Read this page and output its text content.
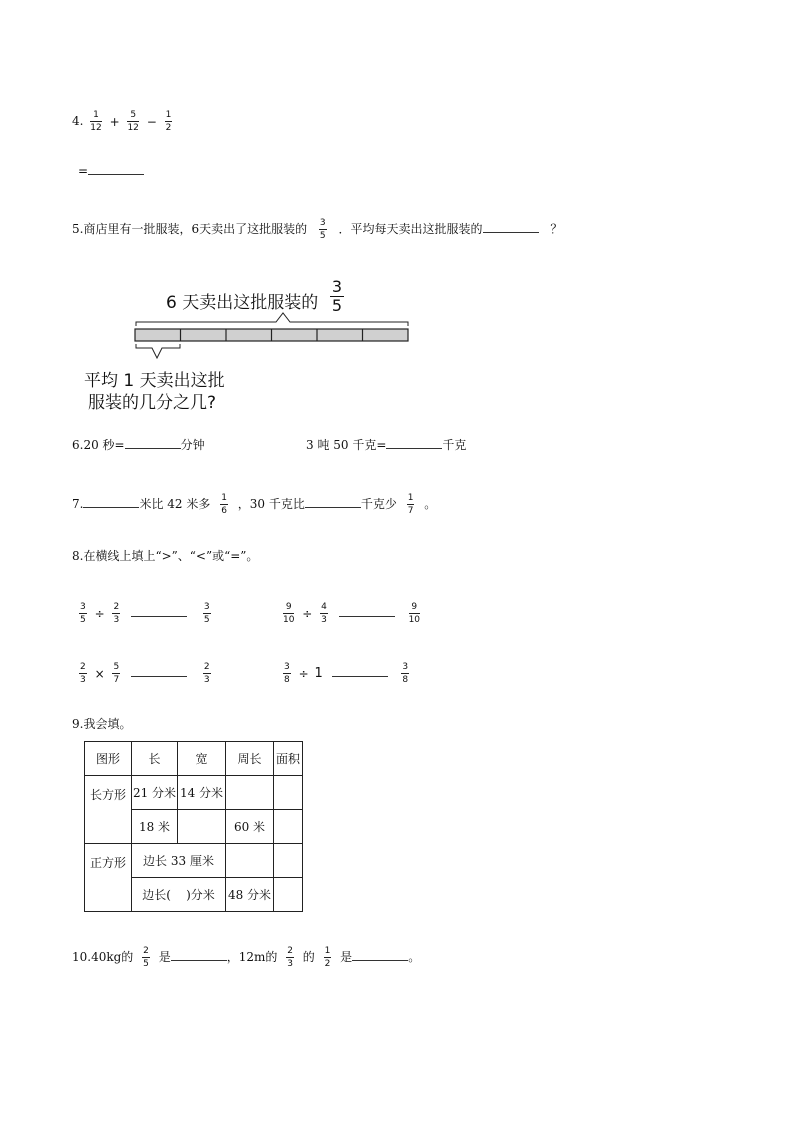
4. $\frac{1}{12} + \frac{5}{12} - \frac{1}{2}$
=
5.商店里有一批服装，6天卖出了这批服装的 $\frac{3}{5}$ ．平均每天卖出这批服装的	？
6 天卖出这批服装的
3
5
平均 1 天卖出这批
服装的几分之几?
6.20 秒=	分钟	3 吨 50 千克=	千克
7.	米比 42 米多 $\frac{1}{6}$ ，30 千克比	千克少 $\frac{1}{7}$ 。
8.在横线上填上“>”、“<”或“=”。
$\frac{3}{5} \div \frac{2}{3}$
	$\frac{3}{5}$	$\frac{9}{10} \div \frac{4}{3}$
	$\frac{9}{10}$
$\frac{2}{3} \times \frac{5}{7}$
	$\frac{2}{3}$	$\frac{3}{8} \div 1$	$\frac{3}{8}$
9.我会填。
图形	长	宽	周长	面积
长方形	21 分米	14 分米		
	18 米		60 米	
正方形	边长 33 厘米			
	边长(    )分米		48 分米	
10.40kg的 $\frac{2}{5}$ 是	，12m的 $\frac{2}{3}$ 的 $\frac{1}{2}$ 是	。
